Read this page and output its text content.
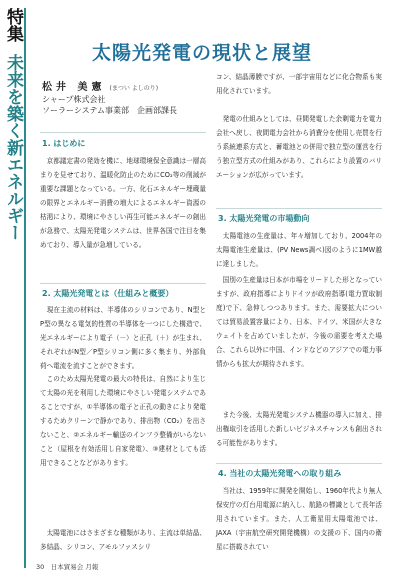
特集 未来を築く新エネルギー
太陽光発電の現状と展望
松井 美憲 (まつい よしのり)
シャープ株式会社
ソーラーシステム事業部　企画部課長
1. はじめに
　京都議定書の発効を機に、地球環境保全意識は一層高まりを見せており、温暖化防止のためにCO₂等の削減が重要な課題となっている。一方、化石エネルギー埋蔵量の限界とエネルギー消費の増大によるエネルギー資源の枯渇により、環境にやさしい再生可能エネルギーの創出が急務で、太陽光発電システムは、世界各国で注目を集めており、導入量が急増している。
2. 太陽光発電とは（仕組みと概要）
　現在主流の材料は、半導体のシリコンであり、N型とP型の異なる電気的性質の半導体を一つにした構造で、光エネルギーにより電子（－）と正孔（＋）が生まれ、それぞれがN型／P型シリコン側に多く集まり、外部負荷へ電流を流すことができます。
　このため太陽光発電の最大の特長は、自然により生じて太陽の光を利用した環境にやさしい発電システムであることですが、①半導体の電子と正孔の動きにより発電するためクリーンで静かであり、排出物（CO₂）を出さないこと、②エネルギー輸送のインフラ整備がいらないこと（屋根を有効活用し自家発電）、③建材としても活用できることなどがあります。
　太陽電池にはさまざまな種類があり、主流は単結晶、多結晶、シリコン、アモルファスシリ
コン、結晶薄膜ですが、一部宇宙用などに化合物系も実用化されています。
　発電の仕組みとしては、昼間発電した余剰電力を電力会社へ戻し、夜間電力会社から消費分を使用し売買を行う系統連系方式と、蓄電池との併用で独立型の運営を行う独立型方式の仕組みがあり、これらにより設置のバリエーションが広がっています。
3. 太陽光発電の市場動向
　太陽電池の生産量は、年々増加しており、2004年の太陽電池生産量は、(PV News調べ)図のように1MW越に達しました。
　国別の生産量は日本が市場をリードした形となっていますが、政府指導によりドイツが政府指導(電力買取制度)で下、急伸しつつあります。また、需要拡大については貿易設置容量により、日本、ドイツ、米国が大きなウェイトを占めていましたが、今後の需要を考えた場合、これら以外に中国、インドなどのアジアでの電力事情からも拡大が期待されます。
　また今後、太陽光発電システム機器の導入に加え、排出権取引を活用した新しいビジネスチャンスも創出される可能性があります。
4. 当社の太陽光発電への取り組み
　当社は、1959年に開発を開始し、1960年代より無人保安庁の灯台用電源に納入し、航路の標識として長年活用されています。また、人工衛星用太陽電池では、JAXA（宇宙航空研究開発機構）の支援の下、国内の衛星に搭載されてい
30　日本貿易会 月報
